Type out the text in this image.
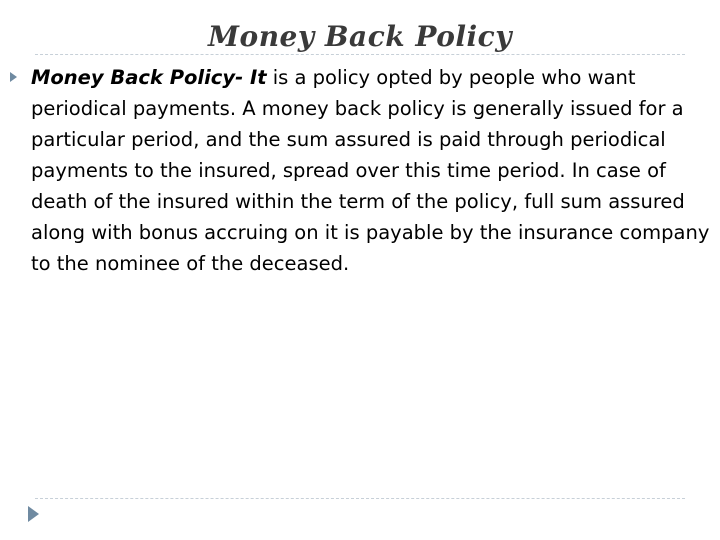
Money Back Policy
Money Back Policy- It is a policy opted by people who want periodical payments. A money back policy is generally issued for a particular period, and the sum assured is paid through periodical payments to the insured, spread over this time period. In case of death of the insured within the term of the policy, full sum assured along with bonus accruing on it is payable by the insurance company to the nominee of the deceased.
